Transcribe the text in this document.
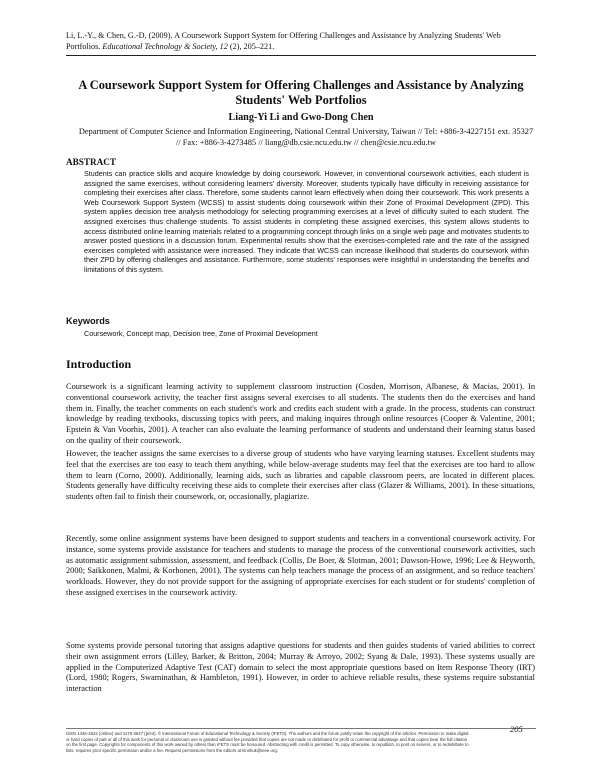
Li, L.-Y., & Chen, G.-D. (2009). A Coursework Support System for Offering Challenges and Assistance by Analyzing Students' Web Portfolios. Educational Technology & Society, 12 (2), 205–221.
A Coursework Support System for Offering Challenges and Assistance by Analyzing Students' Web Portfolios
Liang-Yi Li and Gwo-Dong Chen
Department of Computer Science and Information Engineering, National Central University, Taiwan // Tel: +886-3-4227151 ext. 35327 // Fax: +886-3-4273485 // liang@db.csie.ncu.edu.tw // chen@csie.ncu.edu.tw
ABSTRACT
Students can practice skills and acquire knowledge by doing coursework. However, in conventional coursework activities, each student is assigned the same exercises, without considering learners' diversity. Moreover, students typically have difficulty in receiving assistance for completing their exercises after class. Therefore, some students cannot learn effectively when doing their coursework. This work presents a Web Coursework Support System (WCSS) to assist students doing coursework within their Zone of Proximal Development (ZPD). This system applies decision tree analysis methodology for selecting programming exercises at a level of difficulty suited to each student. The assigned exercises thus challenge students. To assist students in completing these assigned exercises, this system allows students to access distributed online learning materials related to a programming concept through links on a single web page and motivates students to answer posted questions in a discussion forum. Experimental results show that the exercises-completed rate and the rate of the assigned exercises completed with assistance were increased. They indicate that WCSS can increase likelihood that students do coursework within their ZPD by offering challenges and assistance. Furthermore, some students' responses were insightful in understanding the benefits and limitations of this system.
Keywords
Coursework, Concept map, Decision tree, Zone of Proximal Development
Introduction
Coursework is a significant learning activity to supplement classroom instruction (Cosden, Morrison, Albanese, & Macias, 2001). In conventional coursework activity, the teacher first assigns several exercises to all students. The students then do the exercises and hand them in. Finally, the teacher comments on each student's work and credits each student with a grade. In the process, students can construct knowledge by reading textbooks, discussing topics with peers, and making inquires through online resources (Cooper & Valentine, 2001; Epstein & Van Voorhis, 2001). A teacher can also evaluate the learning performance of students and understand their learning status based on the quality of their coursework.
However, the teacher assigns the same exercises to a diverse group of students who have varying learning statuses. Excellent students may feel that the exercises are too easy to teach them anything, while below-average students may feel that the exercises are too hard to allow them to learn (Corno, 2000). Additionally, learning aids, such as libraries and capable classroom peers, are located in different places. Students generally have difficulty receiving these aids to complete their exercises after class (Glazer & Williams, 2001). In these situations, students often fail to finish their coursework, or, occasionally, plagiarize.
Recently, some online assignment systems have been designed to support students and teachers in a conventional coursework activity. For instance, some systems provide assistance for teachers and students to manage the process of the conventional coursework activities, such as automatic assignment submission, assessment, and feedback (Collis, De Boer, & Slotman, 2001; Dawson-Howe, 1996; Lee & Heyworth, 2000; Saikkonen, Malmi, & Korhonen, 2001). The systems can help teachers manage the process of an assignment, and so reduce teachers' workloads. However, they do not provide support for the assigning of appropriate exercises for each student or for students' completion of these assigned exercises in the coursework activity.
Some systems provide personal tutoring that assigns adaptive questions for students and then guides students of varied abilities to correct their own assignment errors (Lilley, Barker, & Britton, 2004; Murray & Arroyo, 2002; Syang & Dale, 1993). These systems usually are applied in the Computerized Adaptive Test (CAT) domain to select the most appropriate questions based on Item Response Theory (IRT) (Lord, 1980; Rogers, Swaminathan, & Hambleton, 1991). However, in order to achieve reliable results, these systems require substantial interaction
ISSN 1436-4522 (online) and 1176-3647 (print). © International Forum of Educational Technology & Society (IFETS). The authors and the forum jointly retain the copyright of the articles. Permission to make digital or hard copies of part or all of this work for personal or classroom use is granted without fee provided that copies are not made or distributed for profit or commercial advantage and that copies bear the full citation on the first page. Copyrights for components of this work owned by others than IFETS must be honoured. Abstracting with credit is permitted. To copy otherwise, to republish, to post on servers, or to redistribute to lists, requires prior specific permission and/or a fee. Request permissions from the editors at kinshuk@ieee.org.
205
